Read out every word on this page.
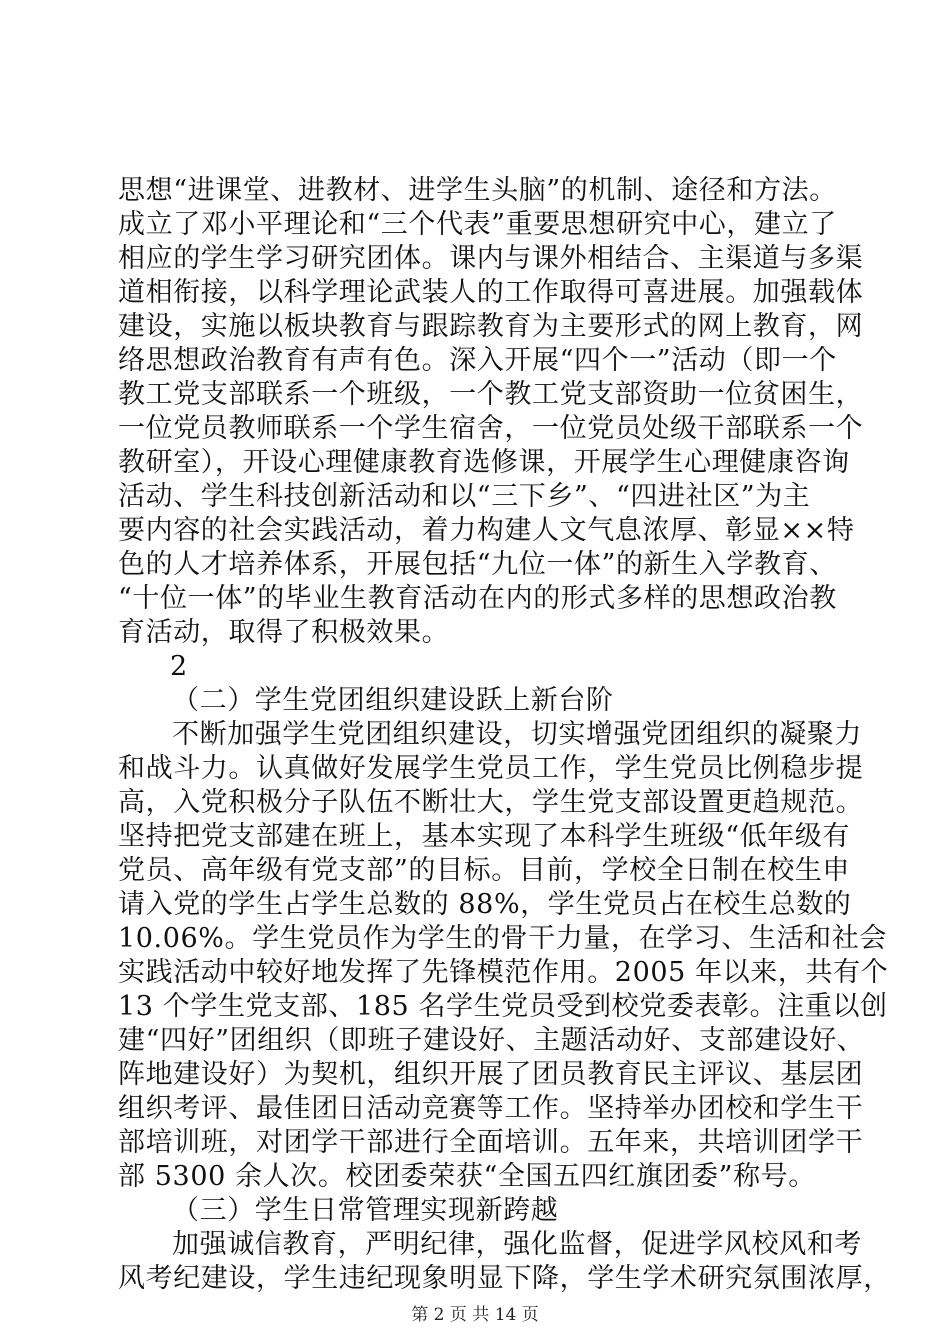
思想“进课堂、进教材、进学生头脑”的机制、途径和方法。
成立了邓小平理论和“三个代表”重要思想研究中心，建立了
相应的学生学习研究团体。课内与课外相结合、主渠道与多渠
道相衔接，以科学理论武装人的工作取得可喜进展。加强载体
建设，实施以板块教育与跟踪教育为主要形式的网上教育，网
络思想政治教育有声有色。深入开展“四个一”活动（即一个
教工党支部联系一个班级，一个教工党支部资助一位贫困生，
一位党员教师联系一个学生宿舍，一位党员处级干部联系一个
教研室），开设心理健康教育选修课，开展学生心理健康咨询
活动、学生科技创新活动和以“三下乡”、“四进社区”为主
要内容的社会实践活动，着力构建人文气息浓厚、彰显××特
色的人才培养体系，开展包括“九位一体”的新生入学教育、
“十位一体”的毕业生教育活动在内的形式多样的思想政治教
育活动，取得了积极效果。
2
（二）学生党团组织建设跃上新台阶
不断加强学生党团组织建设，切实增强党团组织的凝聚力
和战斗力。认真做好发展学生党员工作，学生党员比例稳步提
高，入党积极分子队伍不断壮大，学生党支部设置更趋规范。
坚持把党支部建在班上，基本实现了本科学生班级“低年级有
党员、高年级有党支部”的目标。目前，学校全日制在校生申
请入党的学生占学生总数的 88%，学生党员占在校生总数的
10.06%。学生党员作为学生的骨干力量，在学习、生活和社会
实践活动中较好地发挥了先锋模范作用。2005 年以来，共有个
13 个学生党支部、185 名学生党员受到校党委表彰。注重以创
建“四好”团组织（即班子建设好、主题活动好、支部建设好、
阵地建设好）为契机，组织开展了团员教育民主评议、基层团
组织考评、最佳团日活动竞赛等工作。坚持举办团校和学生干
部培训班，对团学干部进行全面培训。五年来，共培训团学干
部 5300 余人次。校团委荣获“全国五四红旗团委”称号。
（三）学生日常管理实现新跨越
加强诚信教育，严明纪律，强化监督，促进学风校风和考
风考纪建设，学生违纪现象明显下降，学生学术研究氛围浓厚，
第 2 页 共 14 页
